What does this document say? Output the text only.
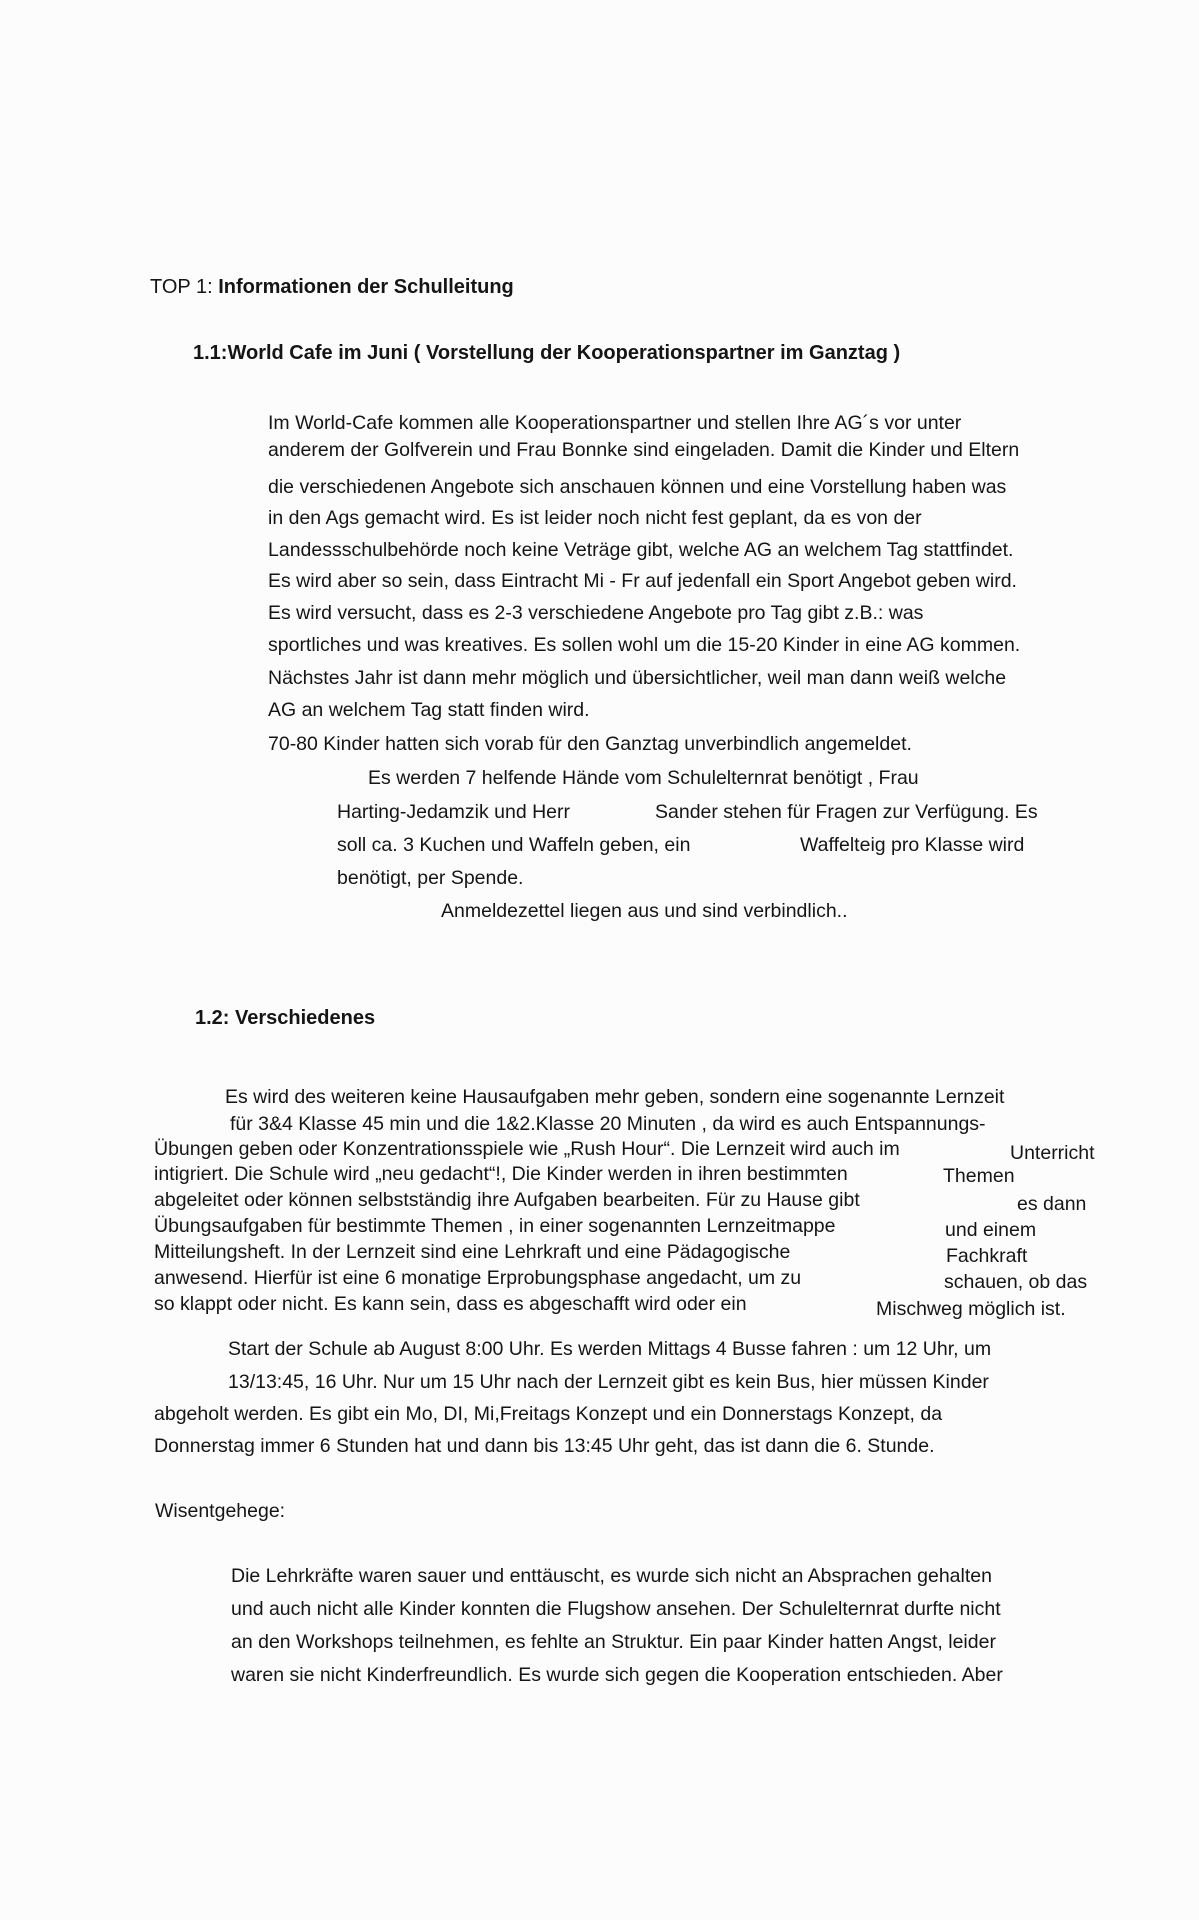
TOP 1: Informationen der Schulleitung
1.1:World Cafe im Juni ( Vorstellung der Kooperationspartner im Ganztag )
Im World-Cafe kommen alle Kooperationspartner und stellen Ihre AG´s vor unter
anderem der Golfverein und Frau Bonnke sind eingeladen. Damit die Kinder und Eltern
die verschiedenen Angebote sich anschauen können und eine Vorstellung haben was
in den Ags gemacht wird. Es ist leider noch nicht fest geplant, da es von der
Landessschulbehörde noch keine Veträge gibt, welche AG an welchem Tag stattfindet.
Es wird aber so sein, dass Eintracht Mi - Fr auf jedenfall ein Sport Angebot geben wird.
Es wird versucht, dass es 2-3 verschiedene Angebote pro Tag gibt z.B.: was
sportliches und was kreatives. Es sollen wohl um die 15-20 Kinder in eine AG kommen.
Nächstes Jahr ist dann mehr möglich und übersichtlicher, weil man dann weiß welche
AG an welchem Tag statt finden wird.
70-80 Kinder hatten sich vorab für den Ganztag unverbindlich angemeldet.
Es werden 7 helfende Hände vom Schulelternrat benötigt , Frau
Harting-Jedamzik und Herr	Sander stehen für Fragen zur Verfügung. Es
soll ca. 3 Kuchen und Waffeln geben, ein	Waffelteig pro Klasse wird
benötigt, per Spende.
Anmeldezettel liegen aus und sind verbindlich..
1.2: Verschiedenes
Es wird des weiteren keine Hausaufgaben mehr geben, sondern eine sogenannte Lernzeit
für 3&4 Klasse 45 min und die 1&2.Klasse 20 Minuten , da wird es auch Entspannungs-
Übungen geben oder Konzentrationsspiele wie „Rush Hour“. Die Lernzeit wird auch im	Unterricht
intigriert. Die Schule wird „neu gedacht“!, Die Kinder werden in ihren bestimmten	Themen
abgeleitet oder können selbstständig ihre Aufgaben bearbeiten. Für zu Hause gibt	es dann
Übungsaufgaben für bestimmte Themen , in einer sogenannten Lernzeitmappe	und einem
Mitteilungsheft. In der Lernzeit sind eine Lehrkraft und eine Pädagogische	Fachkraft
anwesend. Hierfür ist eine 6 monatige Erprobungsphase angedacht, um zu	schauen, ob das
so klappt oder nicht. Es kann sein, dass es abgeschafft wird oder ein	Mischweg möglich ist.
Start der Schule ab August 8:00 Uhr. Es werden Mittags 4 Busse fahren : um 12 Uhr, um
13/13:45, 16 Uhr. Nur um 15 Uhr nach der Lernzeit gibt es kein Bus, hier müssen Kinder
abgeholt werden. Es gibt ein Mo, DI, Mi,Freitags Konzept und ein Donnerstags Konzept, da
Donnerstag immer 6 Stunden hat und dann bis 13:45 Uhr geht, das ist dann die 6. Stunde.
Wisentgehege:
Die Lehrkräfte waren sauer und enttäuscht, es wurde sich nicht an Absprachen gehalten
und auch nicht alle Kinder konnten die Flugshow ansehen. Der Schulelternrat durfte nicht
an den Workshops teilnehmen, es fehlte an Struktur. Ein paar Kinder hatten Angst, leider
waren sie nicht Kinderfreundlich. Es wurde sich gegen die Kooperation entschieden. Aber
